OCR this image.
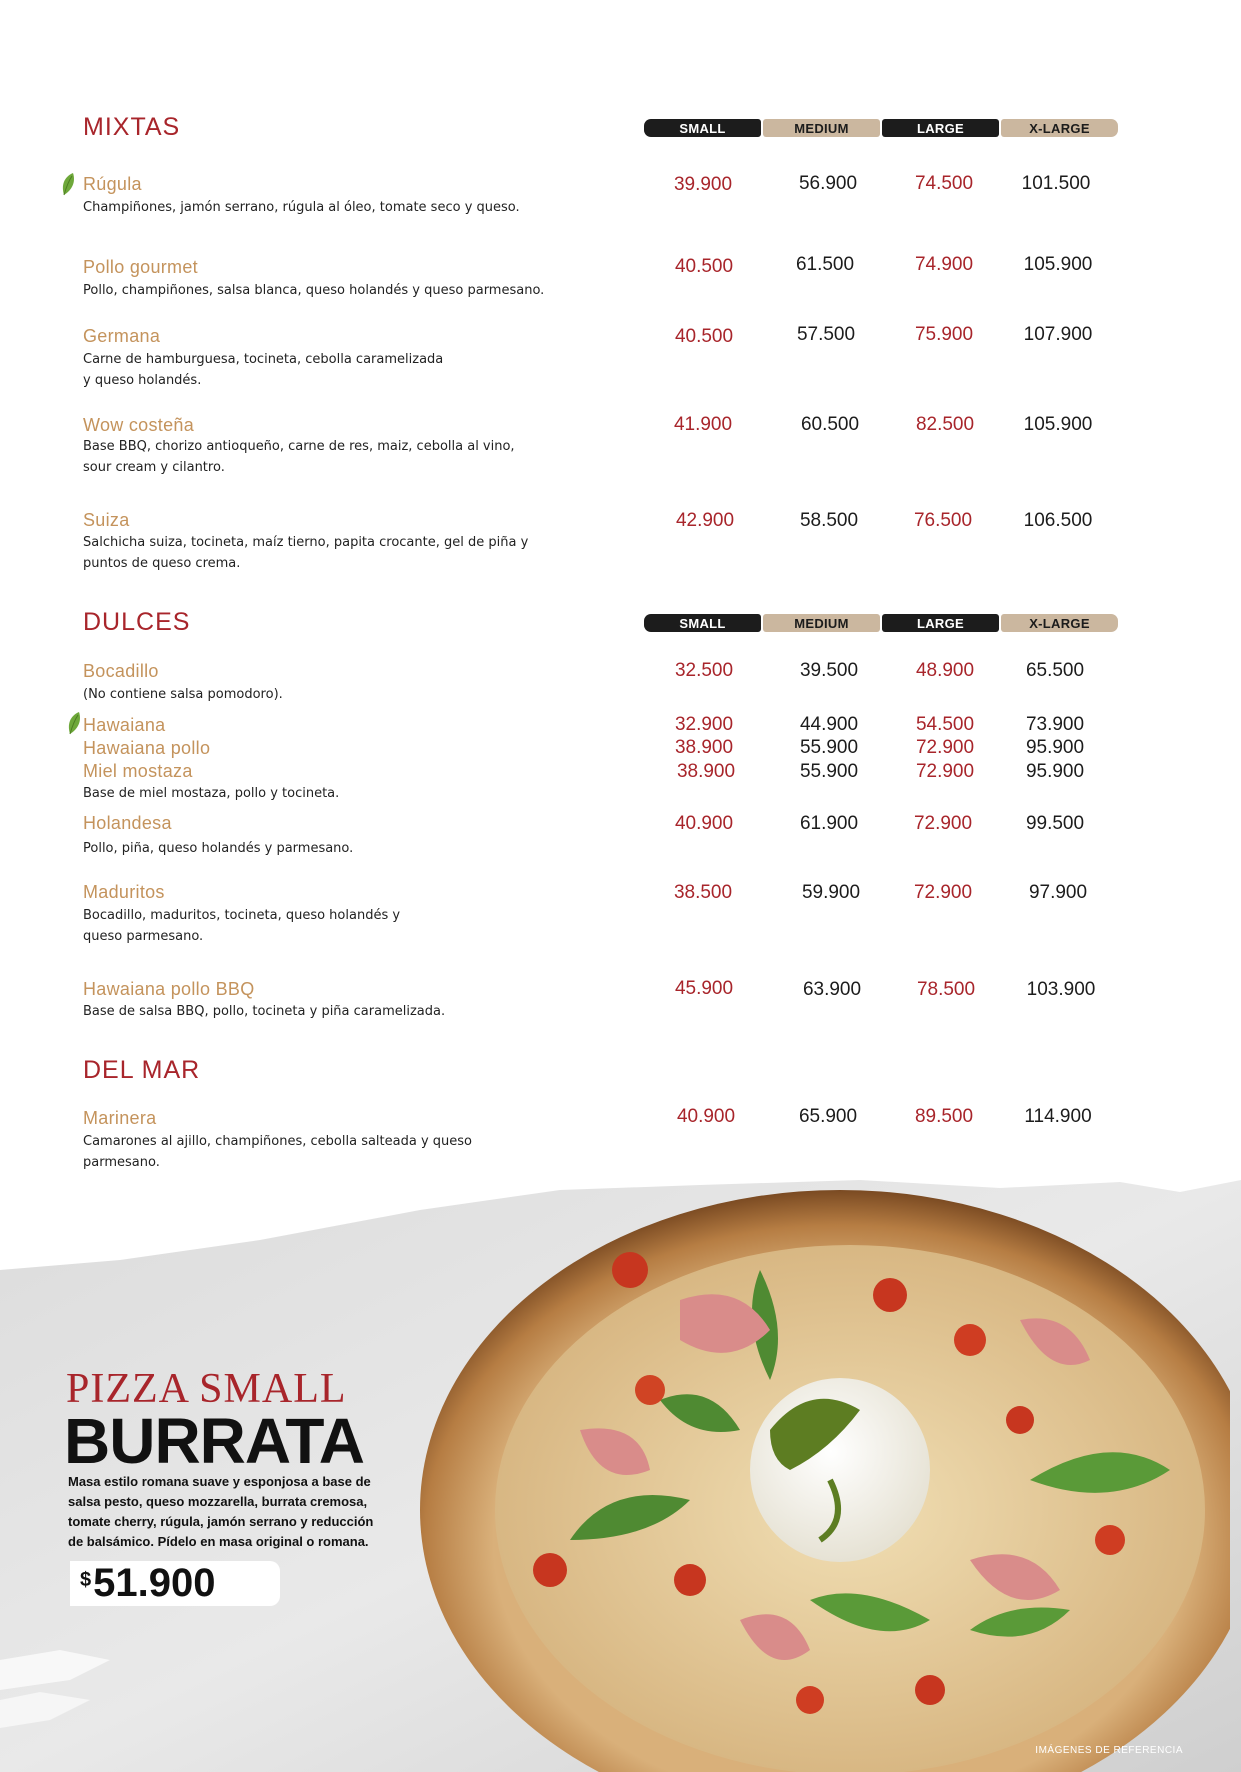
MIXTAS	SMALL	MEDIUM	LARGE	X-LARGE
Rúgula
Champiñones, jamón serrano, rúgula al óleo, tomate seco y queso.
39.900	56.900	74.500	101.500
Pollo gourmet
Pollo, champiñones, salsa blanca, queso holandés y queso parmesano.
40.500	61.500	74.900	105.900
Germana
Carne de hamburguesa, tocineta, cebolla caramelizada
y queso holandés.
40.500	57.500	75.900	107.900
Wow costeña
Base BBQ, chorizo antioqueño, carne de res, maiz, cebolla al vino,
sour cream y cilantro.
41.900	60.500	82.500	105.900
Suiza
Salchicha suiza, tocineta, maíz tierno, papita crocante, gel de piña y
puntos de queso crema.
42.900	58.500	76.500	106.500
DULCES	SMALL	MEDIUM	LARGE	X-LARGE
Bocadillo
(No contiene salsa pomodoro).
32.500	39.500	48.900	65.500
Hawaiana	32.900	44.900	54.500	73.900
Hawaiana pollo	38.900	55.900	72.900	95.900
Miel mostaza
Base de miel mostaza, pollo y tocineta.
38.900	55.900	72.900	95.900
Holandesa
Pollo, piña, queso holandés y parmesano.
40.900	61.900	72.900	99.500
Maduritos
Bocadillo, maduritos, tocineta, queso holandés y
queso parmesano.
38.500	59.900	72.900	97.900
Hawaiana pollo BBQ
Base de salsa BBQ, pollo, tocineta y piña caramelizada.
45.900	63.900	78.500	103.900
DEL MAR
Marinera
Camarones al ajillo, champiñones, cebolla salteada y queso
parmesano.
40.900	65.900	89.500	114.900
PIZZA SMALL
BURRATA
Masa estilo romana suave y esponjosa a base de
salsa pesto, queso mozzarella, burrata cremosa,
tomate cherry, rúgula, jamón serrano y reducción
de balsámico. Pídelo en masa original o romana.
$ 51.900
IMÁGENES DE REFERENCIA
